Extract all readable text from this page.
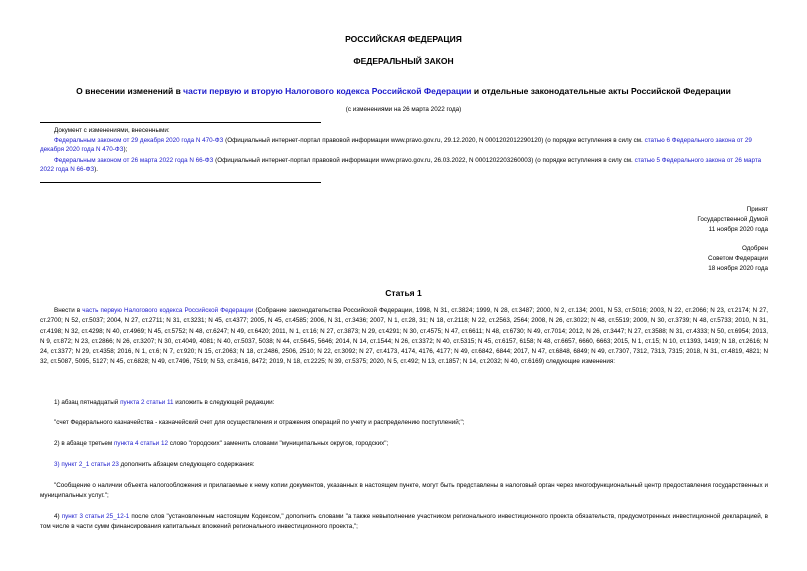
РОССИЙСКАЯ ФЕДЕРАЦИЯ
ФЕДЕРАЛЬНЫЙ ЗАКОН
О внесении изменений в части первую и вторую Налогового кодекса Российской Федерации и отдельные законодательные акты Российской Федерации
(с изменениями на 26 марта 2022 года)
Документ с изменениями, внесенными:
Федеральным законом от 29 декабря 2020 года N 470-ФЗ (Официальный интернет-портал правовой информации www.pravo.gov.ru, 29.12.2020, N 0001202012290120) (о порядке вступления в силу см. статью 6 Федерального закона от 29 декабря 2020 года N 470-ФЗ);
Федеральным законом от 26 марта 2022 года N 66-ФЗ (Официальный интернет-портал правовой информации www.pravo.gov.ru, 26.03.2022, N 0001202203260003) (о порядке вступления в силу см. статью 5 Федерального закона от 26 марта 2022 года N 66-ФЗ).
Принят
Государственной Думой
11 ноября 2020 года
Одобрен
Советом Федерации
18 ноября 2020 года
Статья 1
Внести в часть первую Налогового кодекса Российской Федерации (Собрание законодательства Российской Федерации, 1998, N 31, ст.3824; 1999, N 28, ст.3487; 2000, N 2, ст.134; 2001, N 53, ст.5016; 2003, N 22, ст.2066; N 23, ст.2174; N 27, ст.2700; N 52, ст.5037; 2004, N 27, ст.2711; N 31, ст.3231; N 45, ст.4377; 2005, N 45, ст.4585; 2006, N 31, ст.3436; 2007, N 1, ст.28, 31; N 18, ст.2118; N 22, ст.2563, 2564; 2008, N 26, ст.3022; N 48, ст.5519; 2009, N 30, ст.3739; N 48, ст.5733; 2010, N 31, ст.4198; N 32, ст.4298; N 40, ст.4969; N 45, ст.5752; N 48, ст.6247; N 49, ст.6420; 2011, N 1, ст.16; N 27, ст.3873; N 29, ст.4291; N 30, ст.4575; N 47, ст.6611; N 48, ст.6730; N 49, ст.7014; 2012, N 26, ст.3447; N 27, ст.3588; N 31, ст.4333; N 50, ст.6954; 2013, N 9, ст.872; N 23, ст.2866; N 26, ст.3207; N 30, ст.4049, 4081; N 40, ст.5037, 5038; N 44, ст.5645, 5646; 2014, N 14, ст.1544; N 26, ст.3372; N 40, ст.5315; N 45, ст.6157, 6158; N 48, ст.6657, 6660, 6663; 2015, N 1, ст.15; N 10, ст.1393, 1419; N 18, ст.2616; N 24, ст.3377; N 29, ст.4358; 2016, N 1, ст.6; N 7, ст.920; N 15, ст.2063; N 18, ст.2486, 2506, 2510; N 22, ст.3092; N 27, ст.4173, 4174, 4176, 4177; N 49, ст.6842, 6844; 2017, N 47, ст.6848, 6849; N 49, ст.7307, 7312, 7313, 7315; 2018, N 31, ст.4819, 4821; N 32, ст.5087, 5095, 5127; N 45, ст.6828; N 49, ст.7496, 7519; N 53, ст.8416, 8472; 2019, N 18, ст.2225; N 39, ст.5375; 2020, N 5, ст.492; N 13, ст.1857; N 14, ст.2032; N 40, ст.6169) следующие изменения:
1) абзац пятнадцатый пункта 2 статьи 11 изложить в следующей редакции:
"счет Федерального казначейства - казначейский счет для осуществления и отражения операций по учету и распределению поступлений;";
2) в абзаце третьем пункта 4 статьи 12 слово "городских" заменить словами "муниципальных округов, городских";
3) пункт 2_1 статьи 23 дополнить абзацем следующего содержания:
"Сообщение о наличии объекта налогообложения и прилагаемые к нему копии документов, указанных в настоящем пункте, могут быть представлены в налоговый орган через многофункциональный центр предоставления государственных и муниципальных услуг.";
4) пункт 3 статьи 25_12-1 после слов "установленным настоящим Кодексом," дополнить словами "а также невыполнение участником регионального инвестиционного проекта обязательств, предусмотренных инвестиционной декларацией, в том числе в части сумм финансирования капитальных вложений регионального инвестиционного проекта,";
